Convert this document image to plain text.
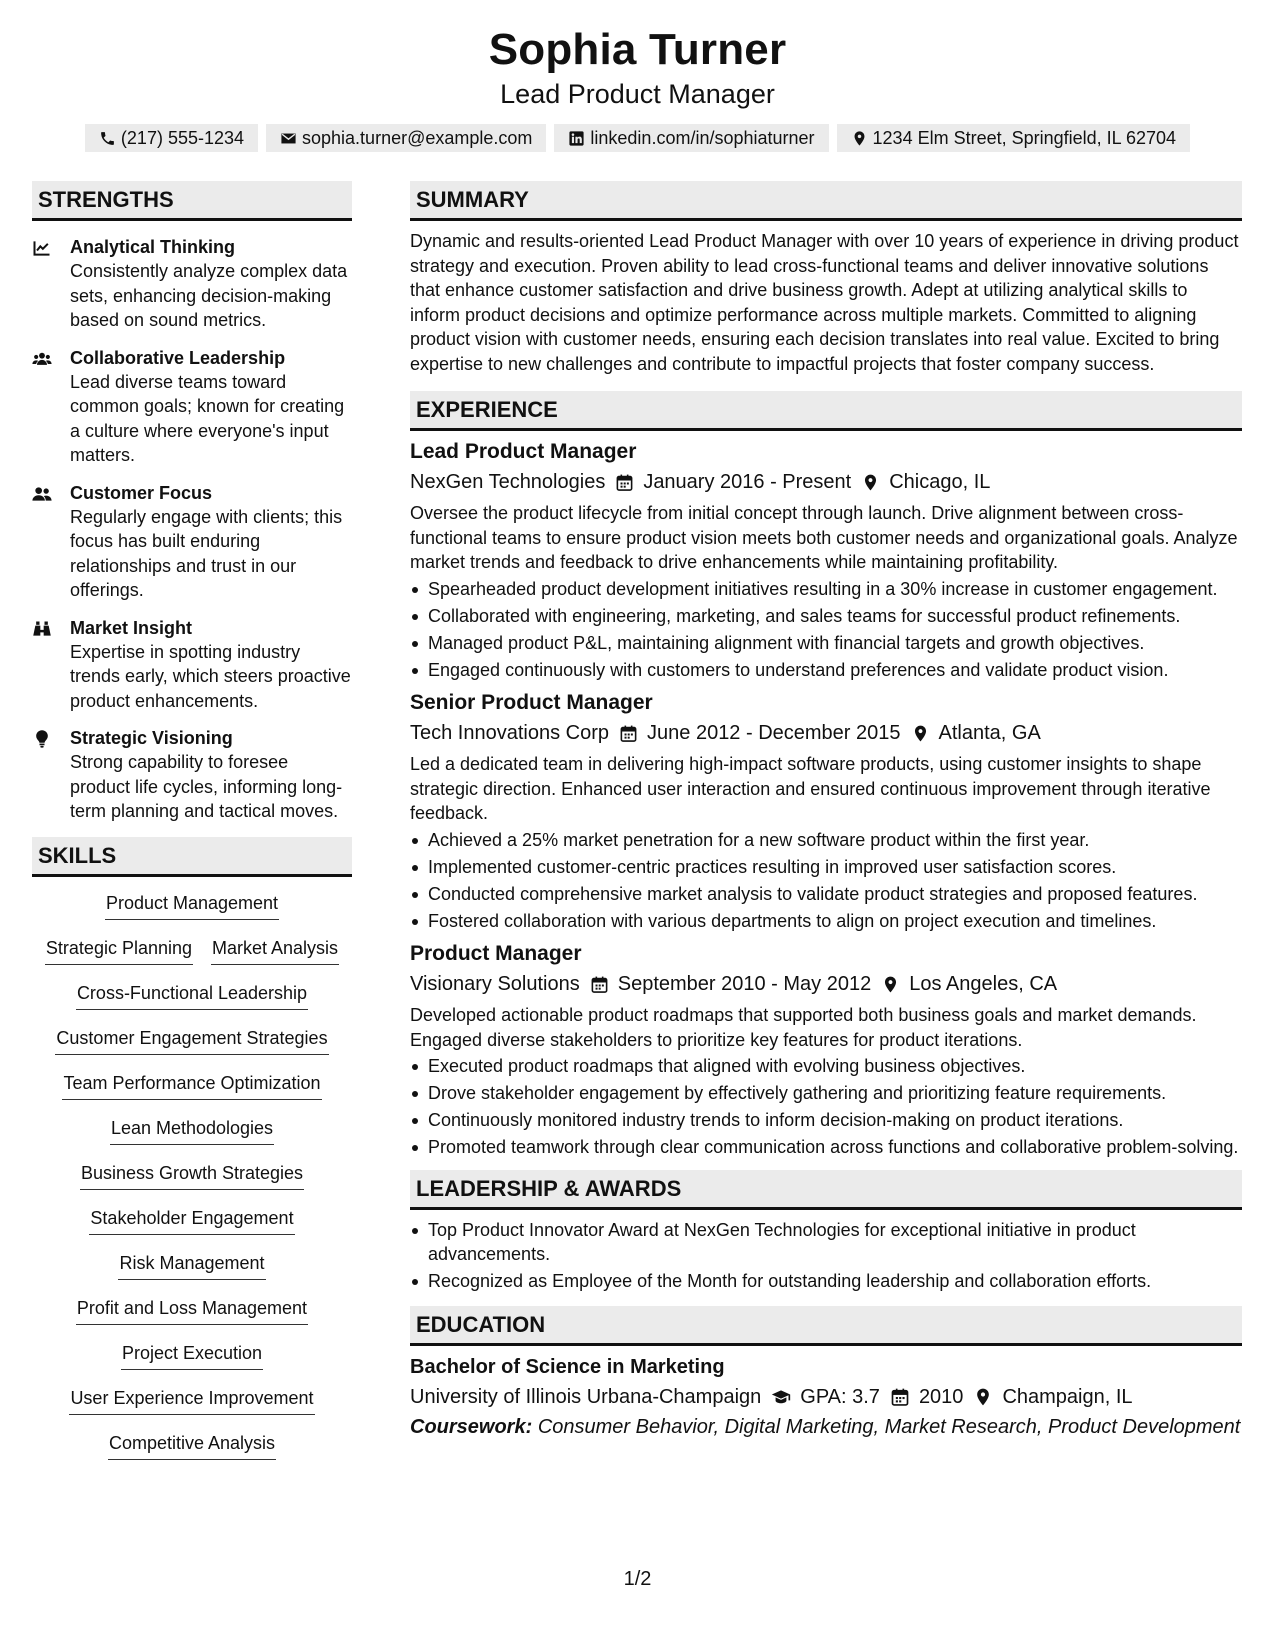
Sophia Turner
Lead Product Manager
(217) 555-1234	sophia.turner@example.com	linkedin.com/in/sophiaturner	1234 Elm Street, Springfield, IL 62704
STRENGTHS
Analytical Thinking
Consistently analyze complex data sets, enhancing decision-making based on sound metrics.
Collaborative Leadership
Lead diverse teams toward common goals; known for creating a culture where everyone's input matters.
Customer Focus
Regularly engage with clients; this focus has built enduring relationships and trust in our offerings.
Market Insight
Expertise in spotting industry trends early, which steers proactive product enhancements.
Strategic Visioning
Strong capability to foresee product life cycles, informing long-term planning and tactical moves.
SKILLS
Product Management
Strategic Planning Market Analysis
Cross-Functional Leadership
Customer Engagement Strategies
Team Performance Optimization
Lean Methodologies
Business Growth Strategies
Stakeholder Engagement
Risk Management
Profit and Loss Management
Project Execution
User Experience Improvement
Competitive Analysis
SUMMARY
Dynamic and results-oriented Lead Product Manager with over 10 years of experience in driving product strategy and execution. Proven ability to lead cross-functional teams and deliver innovative solutions that enhance customer satisfaction and drive business growth. Adept at utilizing analytical skills to inform product decisions and optimize performance across multiple markets. Committed to aligning product vision with customer needs, ensuring each decision translates into real value. Excited to bring expertise to new challenges and contribute to impactful projects that foster company success.
EXPERIENCE
Lead Product Manager
NexGen Technologies January 2016 - Present Chicago, IL
Oversee the product lifecycle from initial concept through launch. Drive alignment between cross-functional teams to ensure product vision meets both customer needs and organizational goals. Analyze market trends and feedback to drive enhancements while maintaining profitability.
Spearheaded product development initiatives resulting in a 30% increase in customer engagement.
Collaborated with engineering, marketing, and sales teams for successful product refinements.
Managed product P&L, maintaining alignment with financial targets and growth objectives.
Engaged continuously with customers to understand preferences and validate product vision.
Senior Product Manager
Tech Innovations Corp June 2012 - December 2015 Atlanta, GA
Led a dedicated team in delivering high-impact software products, using customer insights to shape strategic direction. Enhanced user interaction and ensured continuous improvement through iterative feedback.
Achieved a 25% market penetration for a new software product within the first year.
Implemented customer-centric practices resulting in improved user satisfaction scores.
Conducted comprehensive market analysis to validate product strategies and proposed features.
Fostered collaboration with various departments to align on project execution and timelines.
Product Manager
Visionary Solutions September 2010 - May 2012 Los Angeles, CA
Developed actionable product roadmaps that supported both business goals and market demands. Engaged diverse stakeholders to prioritize key features for product iterations.
Executed product roadmaps that aligned with evolving business objectives.
Drove stakeholder engagement by effectively gathering and prioritizing feature requirements.
Continuously monitored industry trends to inform decision-making on product iterations.
Promoted teamwork through clear communication across functions and collaborative problem-solving.
LEADERSHIP & AWARDS
Top Product Innovator Award at NexGen Technologies for exceptional initiative in product advancements.
Recognized as Employee of the Month for outstanding leadership and collaboration efforts.
EDUCATION
Bachelor of Science in Marketing
University of Illinois Urbana-Champaign GPA: 3.7 2010 Champaign, IL
Coursework: Consumer Behavior, Digital Marketing, Market Research, Product Development
1/2
